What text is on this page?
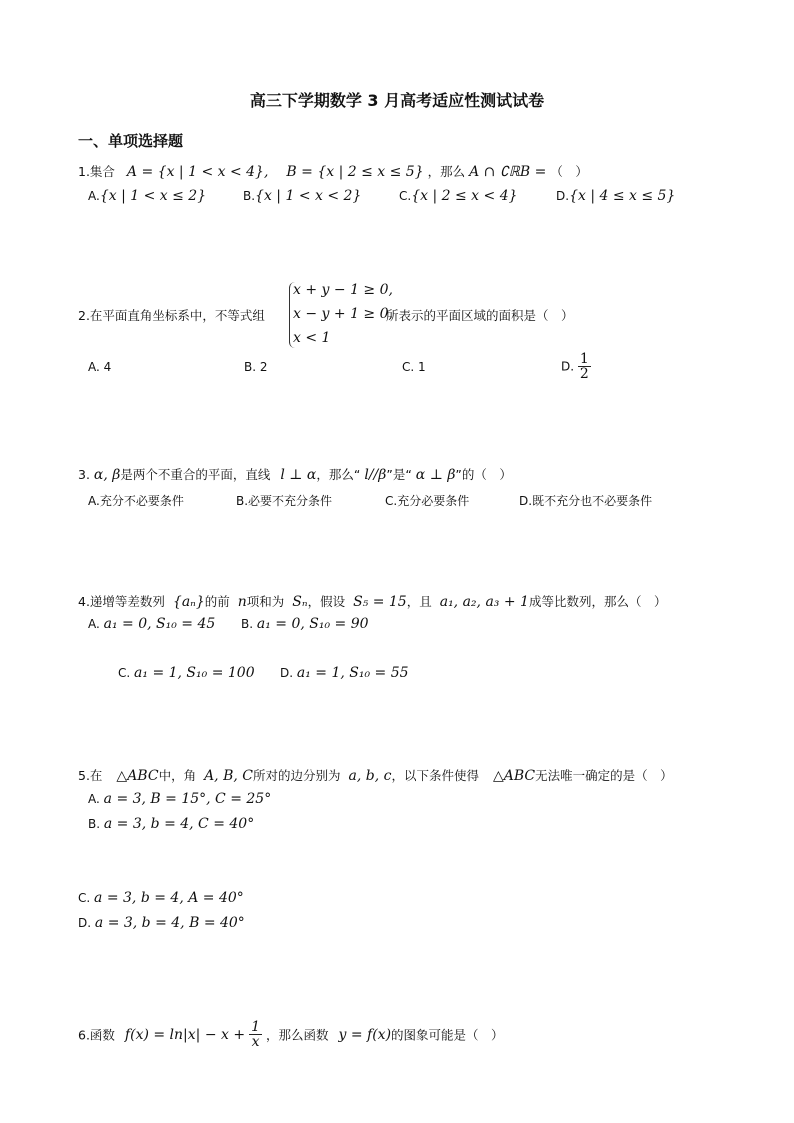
高三下学期数学 3 月高考适应性测试试卷
一、单项选择题
1.集合 A = {x | 1 < x < 4}, B = {x | 2 ≤ x ≤ 5} ，那么 A ∩ ∁ℝB = （　）
A.{x | 1 < x ≤ 2}	B.{x | 1 < x < 2}	C.{x | 2 ≤ x < 4}	D.{x | 4 ≤ x ≤ 5}
2.在平面直角坐标系中，不等式组
x + y − 1 ≥ 0,
x − y + 1 ≥ 0,
x < 1
所表示的平面区域的面积是（　）
A. 4	B. 2	C. 1	D. $\frac{1}{2}$
3. α, β是两个不重合的平面，直线 l ⊥ α，那么“ l//β”是“ α ⊥ β”的（　）
A.充分不必要条件	B.必要不充分条件	C.充分必要条件	D.既不充分也不必要条件
4.递增等差数列 {aₙ}的前 n项和为 Sₙ，假设 S₅ = 15，且 a₁, a₂, a₃ + 1成等比数列，那么（　）
A. a₁ = 0, S₁₀ = 45 B. a₁ = 0, S₁₀ = 90
C. a₁ = 1, S₁₀ = 100 D. a₁ = 1, S₁₀ = 55
5.在 △ABC中，角 A, B, C所对的边分别为 a, b, c，以下条件使得 △ABC无法唯一确定的是（　）
A. a = 3, B = 15°, C = 25°
B. a = 3, b = 4, C = 40°
C. a = 3, b = 4, A = 40°
D. a = 3, b = 4, B = 40°
6.函数 $f(x) = \ln|x| - x + \frac{1}{x}$ ，那么函数 y = f(x)的图象可能是（　）
